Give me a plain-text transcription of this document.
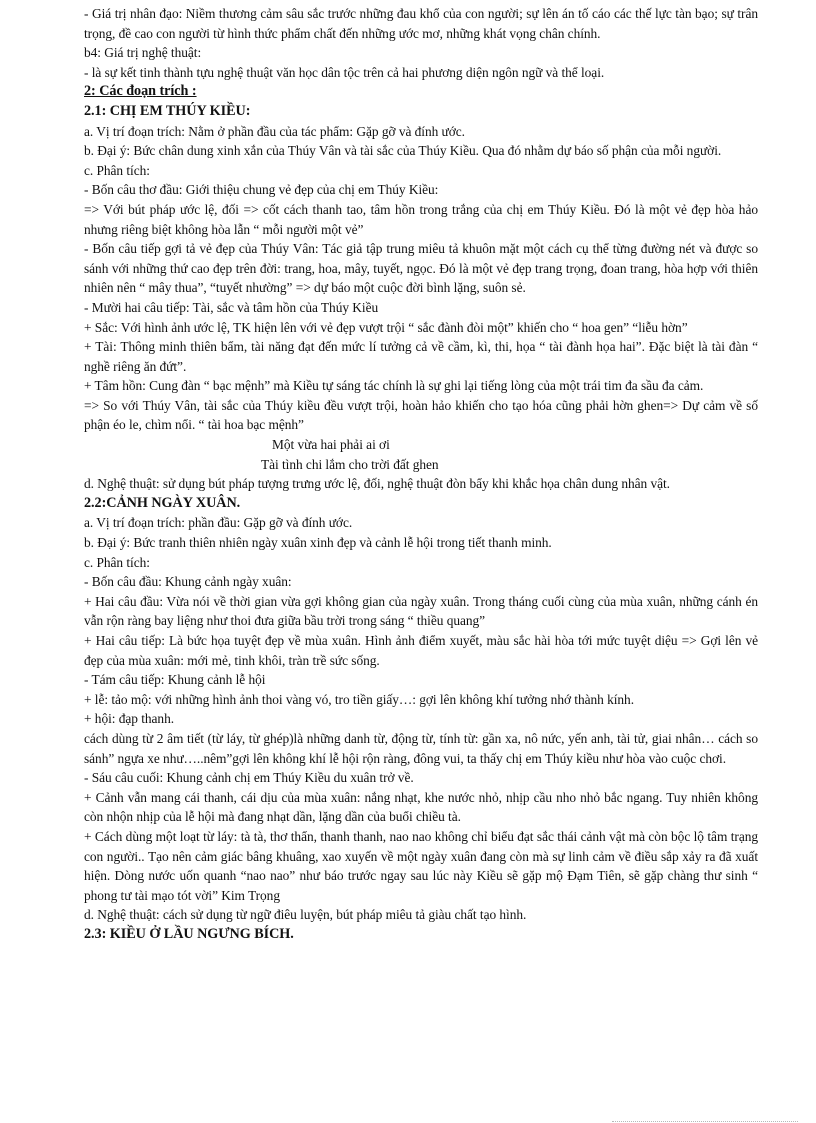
- Giá trị nhân đạo: Niềm thương cảm sâu sắc trước những đau khổ của con người; sự lên án tố cáo các thế lực tàn bạo; sự trân trọng, đề cao con người từ hình thức phẩm chất đến những ước mơ, những khát vọng chân chính.

b4: Giá trị nghệ thuật:

- là sự kết tinh thành tựu nghệ thuật văn học dân tộc trên cả hai phương diện ngôn ngữ và thể loại.

2: Các đoạn trích :
2.1: CHỊ EM THÚY KIỀU:

a. Vị trí đoạn trích: Nằm ở phần đầu của tác phẩm: Gặp gỡ và đính ước.

b. Đại ý: Bức chân dung xinh xắn của Thúy Vân và tài sắc của Thúy Kiều. Qua đó nhằm dự báo số phận của mỗi người.

c. Phân tích:

- Bốn câu thơ đầu: Giới thiệu chung vẻ đẹp của chị em Thúy Kiều:

=> Với bút pháp ước lệ, đối => cốt cách thanh tao, tâm hồn trong trắng của chị em Thúy Kiều. Đó là một vẻ đẹp hòa hảo nhưng riêng biệt không hòa lẫn “ mỗi người một vẻ”

- Bốn câu tiếp gợi tả vẻ đẹp của Thúy Vân: Tác giả tập trung miêu tả khuôn mặt một cách cụ thể từng đường nét và được so sánh với những thứ cao đẹp trên đời: trang, hoa, mây, tuyết, ngọc. Đó là một vẻ đẹp trang trọng, đoan trang, hòa hợp với thiên nhiên nên “ mây thua”, “tuyết nhường” => dự báo một cuộc đời bình lặng, suôn sẻ.

- Mười hai câu tiếp: Tài, sắc và tâm hồn của Thúy Kiều

+ Sắc: Với hình ảnh ước lệ, TK hiện lên với vẻ đẹp vượt trội “ sắc đành đòi một” khiến cho “ hoa gen” “liễu hờn”

+ Tài: Thông minh thiên bẩm, tài năng đạt đến mức lí tưởng cả về cầm, kì, thi, họa “ tài đành họa hai”. Đặc biệt là tài đàn “ nghề riêng ăn đứt”.

+ Tâm hồn: Cung đàn “ bạc mệnh” mà Kiều tự sáng tác chính là sự ghi lại tiếng lòng của một trái tim đa sầu đa cảm.

=> So với Thúy Vân, tài sắc của Thúy kiều đều vượt trội, hoàn hảo khiến cho tạo hóa cũng phải hờn ghen=> Dự cảm về số phận éo le, chìm nổi. “ tài hoa bạc mệnh”

Một vừa hai phải ai ơi
Tài tình chi lắm cho trời đất ghen

d. Nghệ thuật: sử dụng bút pháp tượng trưng ước lệ, đối, nghệ thuật đòn bẩy khi khắc họa chân dung nhân vật.

2.2:CẢNH NGÀY XUÂN.

a. Vị trí đoạn trích: phần đầu: Gặp gỡ và đính ước.

b. Đại ý: Bức tranh thiên nhiên ngày xuân xinh đẹp và cảnh lễ hội trong tiết thanh minh.

c. Phân tích:

- Bốn câu đầu: Khung cảnh ngày xuân:

+ Hai câu đầu: Vừa nói về thời gian vừa gợi không gian của ngày xuân. Trong tháng cuối cùng của mùa xuân, những cánh én vẫn rộn ràng bay liệng như thoi đưa giữa bầu trời trong sáng “ thiều quang”

+ Hai câu tiếp: Là bức họa tuyệt đẹp về mùa xuân. Hình ảnh điểm xuyết, màu sắc hài hòa tới mức tuyệt diệu => Gợi lên vẻ đẹp của mùa xuân: mới mẻ, tinh khôi, tràn trề sức sống.

- Tám câu tiếp: Khung cảnh lễ hội

+ lễ: tảo mộ: với những hình ảnh thoi vàng vó, tro tiền giấy…: gợi lên không khí tưởng nhớ thành kính.

+ hội: đạp thanh.

cách dùng từ 2 âm tiết (từ láy, từ ghép)là những danh từ, động từ, tính từ: gần xa, nô nức, yến anh, tài tử, giai nhân… cách so sánh” ngựa xe như…..nêm”gợi lên không khí lễ hội rộn ràng, đông vui, ta thấy chị em Thúy kiều như hòa vào cuộc chơi.

- Sáu câu cuối: Khung cảnh chị em Thúy Kiều du xuân trở về.

+ Cảnh vẫn mang cái thanh, cái dịu của mùa xuân: nắng nhạt, khe nước nhỏ, nhịp cầu nho nhỏ bắc ngang. Tuy nhiên không còn nhộn nhịp của lễ hội mà đang nhạt dần, lặng dần của buổi chiều tà.

+ Cách dùng một loạt từ láy: tà tà, thơ thẩn, thanh thanh, nao nao không chỉ biểu đạt sắc thái cảnh vật mà còn bộc lộ tâm trạng con người.. Tạo nên cảm giác bâng khuâng, xao xuyến về một ngày xuân đang còn mà sự linh cảm về điều sắp xảy ra đã xuất hiện. Dòng nước uốn quanh “nao nao” như báo trước ngay sau lúc này Kiều sẽ gặp mộ Đạm Tiên, sẽ gặp chàng thư sinh “ phong tư tài mạo tót vời” Kim Trọng

d. Nghệ thuật: cách sử dụng từ ngữ điêu luyện, bút pháp miêu tả giàu chất tạo hình.

2.3: KIỀU Ở LẦU NGƯNG BÍCH.
